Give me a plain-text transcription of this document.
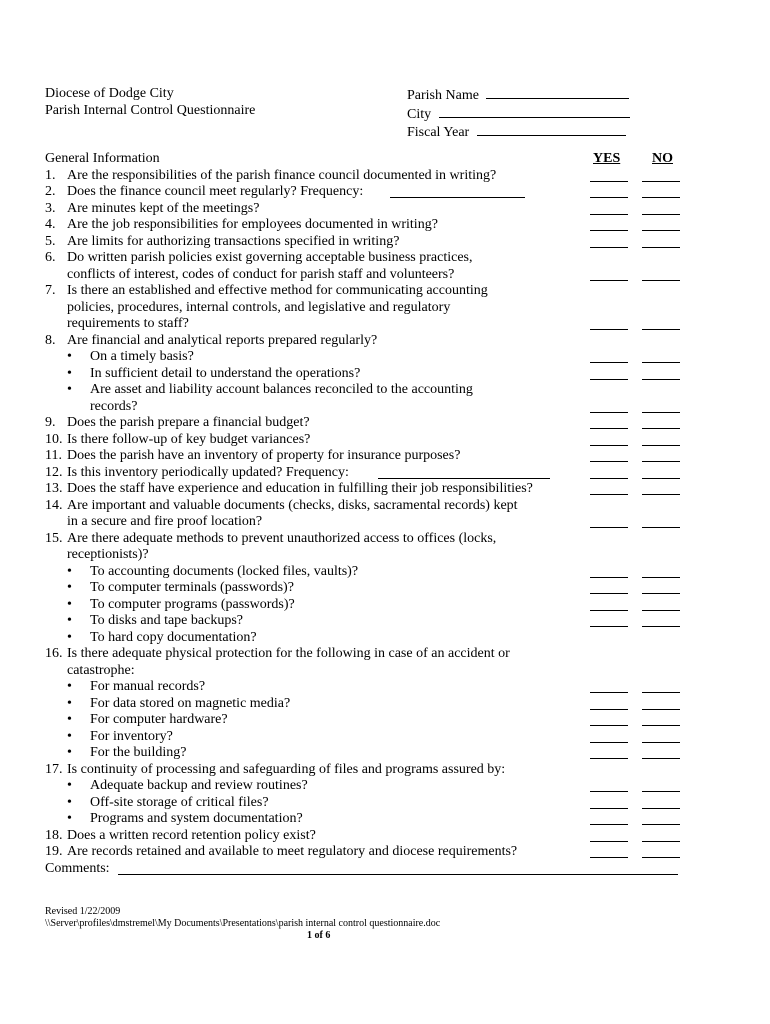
Diocese of Dodge City
Parish Internal Control Questionnaire
Parish Name
City
Fiscal Year
General Information	YES NO
1. Are the responsibilities of the parish finance council documented in writing?
2. Does the finance council meet regularly? Frequency:
3. Are minutes kept of the meetings?
4. Are the job responsibilities for employees documented in writing?
5. Are limits for authorizing transactions specified in writing?
6. Do written parish policies exist governing acceptable business practices,
conflicts of interest, codes of conduct for parish staff and volunteers?
7. Is there an established and effective method for communicating accounting
policies, procedures, internal controls, and legislative and regulatory
requirements to staff?
8. Are financial and analytical reports prepared regularly?
• On a timely basis?
• In sufficient detail to understand the operations?
• Are asset and liability account balances reconciled to the accounting
records?
9. Does the parish prepare a financial budget?
10. Is there follow-up of key budget variances?
11. Does the parish have an inventory of property for insurance purposes?
12. Is this inventory periodically updated? Frequency:
13. Does the staff have experience and education in fulfilling their job responsibilities?
14. Are important and valuable documents (checks, disks, sacramental records) kept
in a secure and fire proof location?
15. Are there adequate methods to prevent unauthorized access to offices (locks,
receptionists)?
• To accounting documents (locked files, vaults)?
• To computer terminals (passwords)?
• To computer programs (passwords)?
• To disks and tape backups?
• To hard copy documentation?
16. Is there adequate physical protection for the following in case of an accident or
catastrophe:
• For manual records?
• For data stored on magnetic media?
• For computer hardware?
• For inventory?
• For the building?
17. Is continuity of processing and safeguarding of files and programs assured by:
• Adequate backup and review routines?
• Off-site storage of critical files?
• Programs and system documentation?
18. Does a written record retention policy exist?
19. Are records retained and available to meet regulatory and diocese requirements?
Comments:
Revised 1/22/2009
\\Server\profiles\dmstremel\My Documents\Presentations\parish internal control questionnaire.doc
1 of 6
